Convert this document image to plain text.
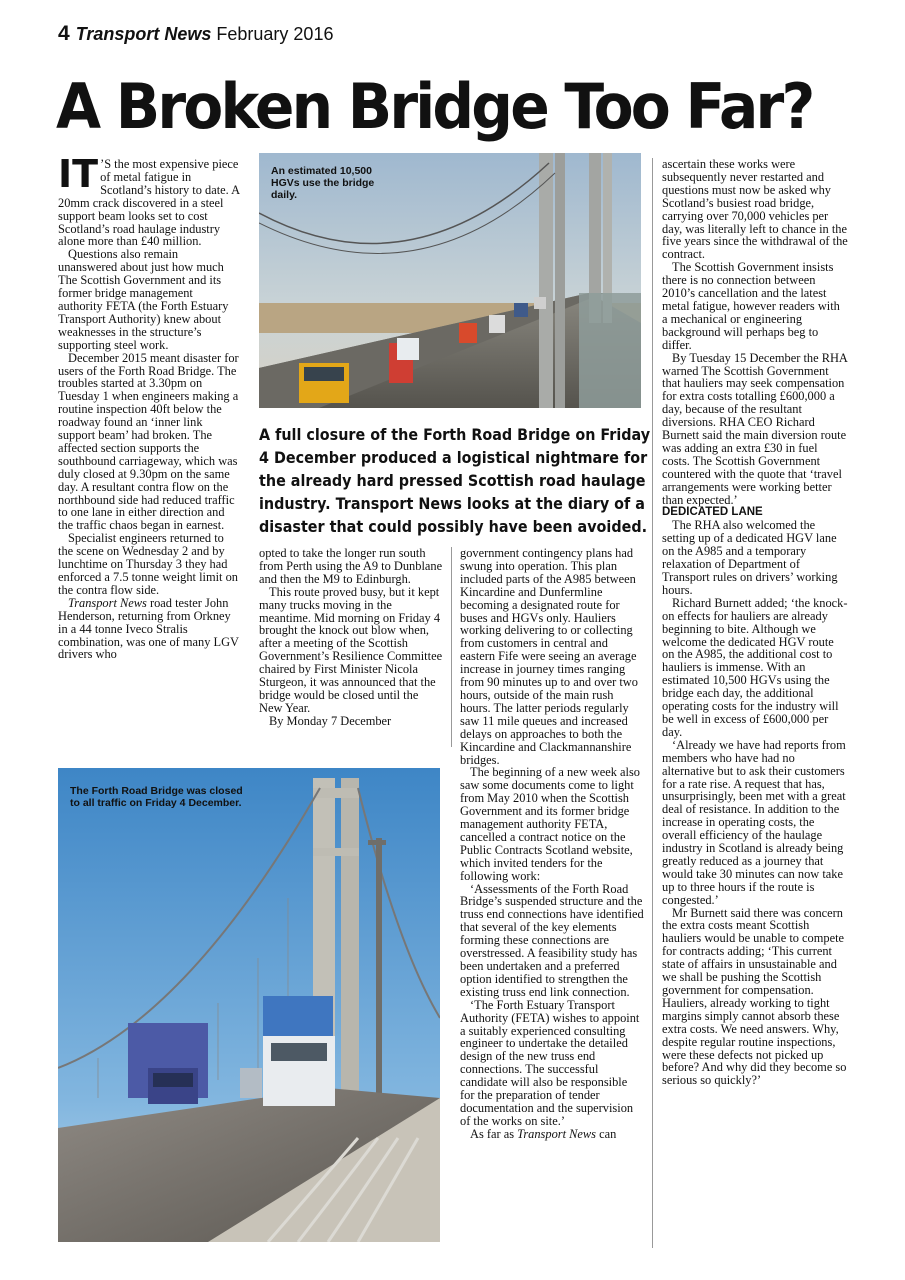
4 Transport News February 2016
A Broken Bridge Too Far?

IT ’S the most expensive piece of metal fatigue in Scotland’s history to date. A 20mm crack discovered in a steel support beam looks set to cost Scotland’s road haulage industry alone more than £40 million.

Questions also remain unanswered about just how much The Scottish Government and its former bridge management authority FETA (the Forth Estuary Transport Authority) knew about weaknesses in the structure’s supporting steel work.

December 2015 meant disaster for users of the Forth Road Bridge. The troubles started at 3.30pm on Tuesday 1 when engineers making a routine inspection 40ft below the roadway found an ‘inner link support beam’ had broken. The affected section supports the southbound carriageway, which was duly closed at 9.30pm on the same day. A resultant contra flow on the northbound side had reduced traffic to one lane in either direction and the traffic chaos began in earnest.

Specialist engineers returned to the scene on Wednesday 2 and by lunchtime on Thursday 3 they had enforced a 7.5 tonne weight limit on the contra flow side.

Transport News road tester John Henderson, returning from Orkney in a 44 tonne Iveco Stralis combination, was one of many LGV drivers who

An estimated 10,500 HGVs use the bridge daily.
A full closure of the Forth Road Bridge on Friday 4 December produced a logistical nightmare for the already hard pressed Scottish road haulage industry. Transport News looks at the diary of a disaster that could possibly have been avoided.

opted to take the longer run south from Perth using the A9 to Dunblane and then the M9 to Edinburgh.

This route proved busy, but it kept many trucks moving in the meantime. Mid morning on Friday 4 brought the knock out blow when, after a meeting of the Scottish Government’s Resilience Committee chaired by First Minister Nicola Sturgeon, it was announced that the bridge would be closed until the New Year.

By Monday 7 December

government contingency plans had swung into operation. This plan included parts of the A985 between Kincardine and Dunfermline becoming a designated route for buses and HGVs only. Hauliers working delivering to or collecting from customers in central and eastern Fife were seeing an average increase in journey times ranging from 90 minutes up to and over two hours, outside of the main rush hours. The latter periods regularly saw 11 mile queues and increased delays on approaches to both the Kincardine and Clackmannanshire bridges.

The beginning of a new week also saw some documents come to light from May 2010 when the Scottish Government and its former bridge management authority FETA, cancelled a contract notice on the Public Contracts Scotland website, which invited tenders for the following work:

‘Assessments of the Forth Road Bridge’s suspended structure and the truss end connections have identified that several of the key elements forming these connections are overstressed. A feasibility study has been undertaken and a preferred option identified to strengthen the existing truss end link connection.

‘The Forth Estuary Transport Authority (FETA) wishes to appoint a suitably experienced consulting engineer to undertake the detailed design of the new truss end connections. The successful candidate will also be responsible for the preparation of tender documentation and the supervision of the works on site.’

As far as Transport News can

ascertain these works were subsequently never restarted and questions must now be asked why Scotland’s busiest road bridge, carrying over 70,000 vehicles per day, was literally left to chance in the five years since the withdrawal of the contract.

The Scottish Government insists there is no connection between 2010’s cancellation and the latest metal fatigue, however readers with a mechanical or engineering background will perhaps beg to differ.

By Tuesday 15 December the RHA warned The Scottish Government that hauliers may seek compensation for extra costs totalling £600,000 a day, because of the resultant diversions. RHA CEO Richard Burnett said the main diversion route was adding an extra £30 in fuel costs. The Scottish Government countered with the quote that ‘travel arrangements were working better than expected.’

DEDICATED LANE

The RHA also welcomed the setting up of a dedicated HGV lane on the A985 and a temporary relaxation of Department of Transport rules on drivers’ working hours.

Richard Burnett added; ‘the knock-on effects for hauliers are already beginning to bite. Although we welcome the dedicated HGV route on the A985, the additional cost to hauliers is immense. With an estimated 10,500 HGVs using the bridge each day, the additional operating costs for the industry will be well in excess of £600,000 per day.

‘Already we have had reports from members who have had no alternative but to ask their customers for a rate rise. A request that has, unsurprisingly, been met with a great deal of resistance. In addition to the increase in operating costs, the overall efficiency of the haulage industry in Scotland is already being greatly reduced as a journey that would take 30 minutes can now take up to three hours if the route is congested.’

Mr Burnett said there was concern the extra costs meant Scottish hauliers would be unable to compete for contracts adding; ‘This current state of affairs in unsustainable and we shall be pushing the Scottish government for compensation. Hauliers, already working to tight margins simply cannot absorb these extra costs. We need answers. Why, despite regular routine inspections, were these defects not picked up before? And why did they become so serious so quickly?’

The Forth Road Bridge was closed to all traffic on Friday 4 December.
